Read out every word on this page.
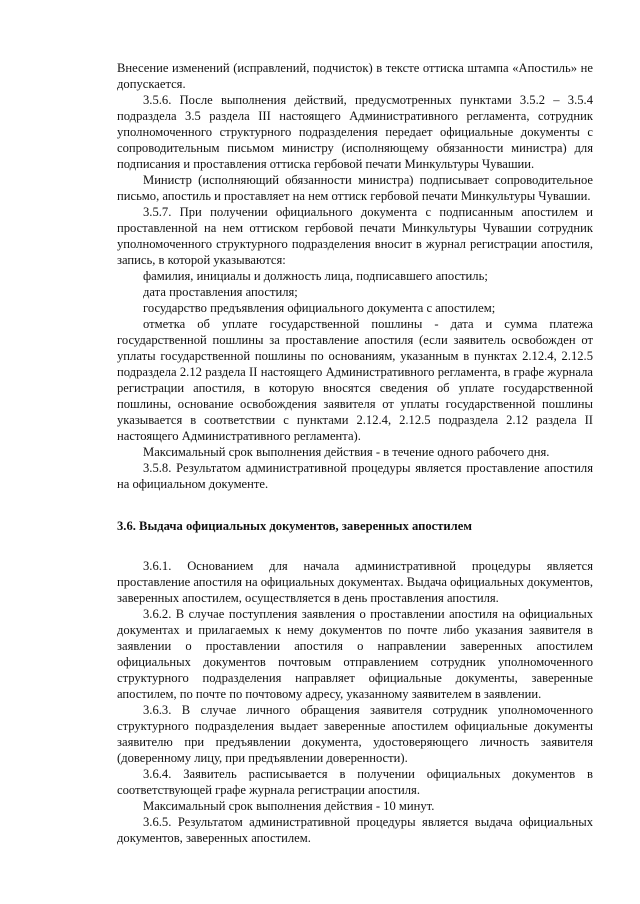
Внесение изменений (исправлений, подчисток) в тексте оттиска штампа «Апостиль» не допускается.

3.5.6. После выполнения действий, предусмотренных пунктами 3.5.2 – 3.5.4 подраздела 3.5 раздела III настоящего Административного регламента, сотрудник уполномоченного структурного подразделения передает официальные документы с сопроводительным письмом министру (исполняющему обязанности министра) для подписания и проставления оттиска гербовой печати Минкультуры Чувашии.

Министр (исполняющий обязанности министра) подписывает сопроводительное письмо, апостиль и проставляет на нем оттиск гербовой печати Минкультуры Чувашии.

3.5.7. При получении официального документа с подписанным апостилем и проставленной на нем оттиском гербовой печати Минкультуры Чувашии сотрудник уполномоченного структурного подразделения вносит в журнал регистрации апостиля, запись, в которой указываются:

фамилия, инициалы и должность лица, подписавшего апостиль;

дата проставления апостиля;

государство предъявления официального документа с апостилем;

отметка об уплате государственной пошлины - дата и сумма платежа государственной пошлины за проставление апостиля (если заявитель освобожден от уплаты государственной пошлины по основаниям, указанным в пунктах 2.12.4, 2.12.5 подраздела 2.12 раздела II настоящего Административного регламента, в графе журнала регистрации апостиля, в которую вносятся сведения об уплате государственной пошлины, основание освобождения заявителя от уплаты государственной пошлины указывается в соответствии с пунктами 2.12.4, 2.12.5 подраздела 2.12 раздела II настоящего Административного регламента).

Максимальный срок выполнения действия - в течение одного рабочего дня.

3.5.8. Результатом административной процедуры является проставление апостиля на официальном документе.

3.6. Выдача официальных документов, заверенных апостилем

3.6.1. Основанием для начала административной процедуры является проставление апостиля на официальных документах. Выдача официальных документов, заверенных апостилем, осуществляется в день проставления апостиля.

3.6.2. В случае поступления заявления о проставлении апостиля на официальных документах и прилагаемых к нему документов по почте либо указания заявителя в заявлении о проставлении апостиля о направлении заверенных апостилем официальных документов почтовым отправлением сотрудник уполномоченного структурного подразделения направляет официальные документы, заверенные апостилем, по почте по почтовому адресу, указанному заявителем в заявлении.

3.6.3. В случае личного обращения заявителя сотрудник уполномоченного структурного подразделения выдает заверенные апостилем официальные документы заявителю при предъявлении документа, удостоверяющего личность заявителя (доверенному лицу, при предъявлении доверенности).

3.6.4. Заявитель расписывается в получении официальных документов в соответствующей графе журнала регистрации апостиля.

Максимальный срок выполнения действия - 10 минут.

3.6.5. Результатом административной процедуры является выдача официальных документов, заверенных апостилем.
